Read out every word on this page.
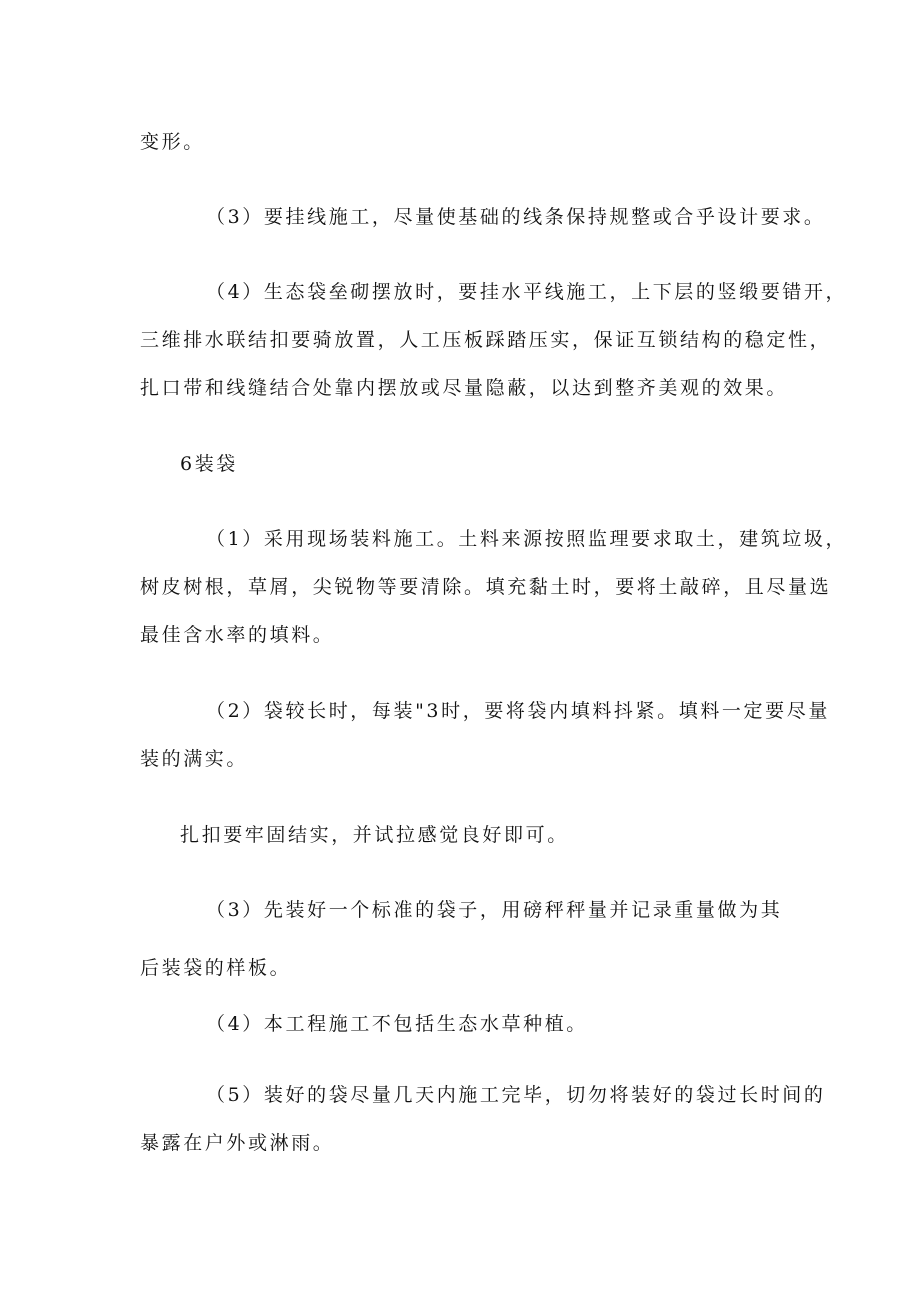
变形。
（3）要挂线施工，尽量使基础的线条保持规整或合乎设计要求。
（4）生态袋垒砌摆放时，要挂水平线施工，上下层的竖缎要错开，
三维排水联结扣要骑放置，人工压板踩踏压实，保证互锁结构的稳定性，
扎口带和线缝结合处靠内摆放或尽量隐蔽，以达到整齐美观的效果。
6装袋
（1）采用现场装料施工。土料来源按照监理要求取土，建筑垃圾，
树皮树根，草屑，尖锐物等要清除。填充黏土时，要将土敲碎，且尽量选
最佳含水率的填料。
（2）袋较长时，每装"3时，要将袋内填料抖紧。填料一定要尽量
装的满实。
扎扣要牢固结实，并试拉感觉良好即可。
（3）先装好一个标准的袋子，用磅秤秤量并记录重量做为其
后装袋的样板。
（4）本工程施工不包括生态水草种植。
（5）装好的袋尽量几天内施工完毕，切勿将装好的袋过长时间的
暴露在户外或淋雨。
